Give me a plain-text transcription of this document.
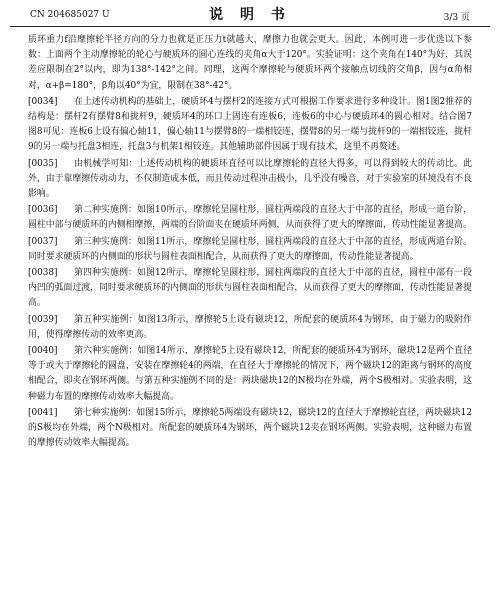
CN 204685027 U	说 明 书	3/3 页

质环重力f沿摩擦轮半径方向的分力也就是正压力t就越大，摩擦力也就会更大。因此，本例可进一步优选以下参数：上面两个主动摩擦轮的轮心与硬质环的圆心连线的夹角α大于120°。实验证明：这个夹角在140°为好，其误差应限制在2°以内，即为138°-142°之间。同理，这两个摩擦轮与硬质环两个接触点切线的交角β，因与α角相对，α+β=180°，β角以40°为宜，限制在38°-42°。

[0034] 在上述传动机构的基础上，硬质环4与摆杆2的连接方式可根据工作要求进行多种设计。图1图2推荐的结构是：摆杆2有摆臂8和拢杆9，硬质环4的环口上固连有连板6，连板6的中心与硬质环4的圆心相对。结合图7图8可见：连板6上设有偏心轴11，偏心轴11与摆臂8的一端相铰连，摆臂8的另一端与拢杆9的一端相铰连，拢杆9的另一端与托盘3相连，托盘3与机架1相铰连。其他辅助部件因属于现有技术，这里不再赘述。

[0035] 由机械学可知：上述传动机构的硬质环直径可以比摩擦轮的直径大得多，可以得到较大的传动比。此外，由于靠摩擦传动动力，不仅制造成本低，而且传动过程冲击极小，几乎没有噪音，对于实验室的环境没有不良影响。

[0036] 第二种实施例：如图10所示，摩擦轮呈圆柱形，圆柱两端段的直径大于中部的直径，形成一道台阶，圆柱中部与硬质环的内侧相摩擦，两端的台阶面夹在硬质环两侧，从而获得了更大的摩擦面，传动性能显著提高。

[0037] 第三种实施例：如图11所示，摩擦轮呈圆柱形，圆柱两端段的直径大于中部的直径，形成两道台阶。同时要求硬质环的内侧面的形状与圆柱表面相配合，从而获得了更大的摩擦面，传动性能显著提高。

[0038] 第四种实施例：如图12所示，摩擦轮呈圆柱形，圆柱两端段的直径大于中部的直径，圆柱中部有一段内凹的弧面过渡，同时要求硬质环的内侧面的形状与圆柱表面相配合，从而获得了更大的摩擦面，传动性能显著提高。

[0039] 第五种实施例：如图13所示，摩擦轮5上设有磁块12，所配套的硬质环4为钢环，由于磁力的吸附作用，使得摩擦传动的效率更高。

[0040] 第六种实施例：如图14所示，摩擦轮5上设有磁块12，所配套的硬质环4为钢环，磁块12是两个直径等于或大于摩擦轮的圆盘，安装在摩擦轮4的两端，在直径大于摩擦轮的情况下，两个磁块12的距离与钢环的高度相配合，即夹在钢环两侧。与第五种实施例不同的是：两块磁块12的N极均在外端，两个S极相对。实验表明，这种磁力布置的摩擦传动效率大幅提高。

[0041] 第七种实施例：如图15所示，摩擦轮5两端设有磁块12，磁块12的直径大于摩擦轮直径，两块磁块12的S极均在外端，两个N极相对。所配套的硬质环4为钢环，两个磁块12夹在钢环两侧。实验表明，这种磁力布置的摩擦传动效率大幅提高。
